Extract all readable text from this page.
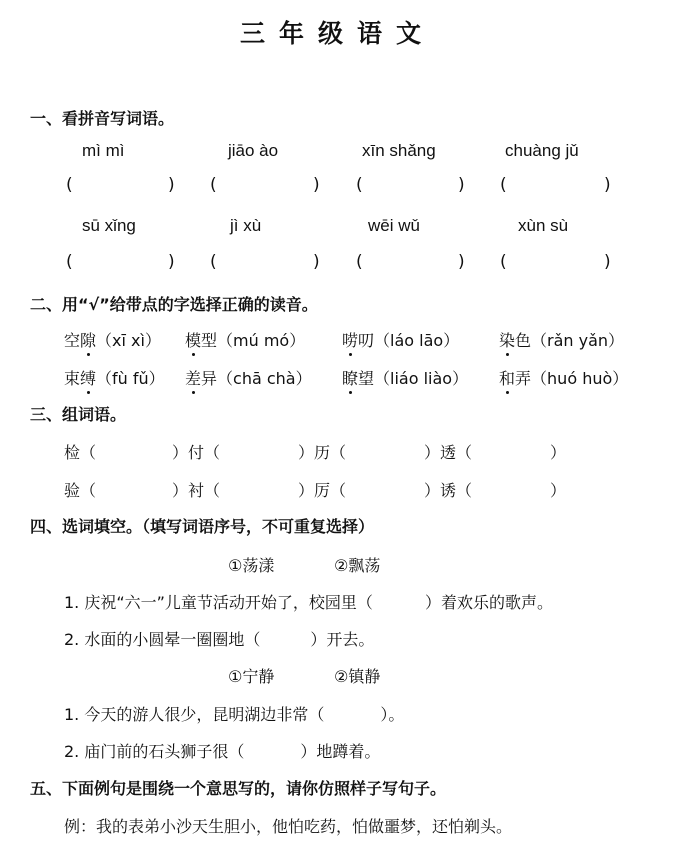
三年级语文
一、看拼音写词语。
mì mì	jiāo ào	xīn shǎng	chuàng jǔ
(	) (	) (	) (	)
sū xǐng	jì xù	wēi wǔ	xùn sù
(	) (	) (	) (	)
二、用“√”给带点的字选择正确的读音。
空隙（xī xì） 模型（mú mó） 唠叨（láo lāo） 染色（rǎn yǎn）
束缚（fù fǔ） 差异（chā chà） 瞭望（liáo liào） 和弄（huó huò）
三、组词语。
检（	）付（	）历（	）透（	）
验（	）衬（	）厉（	）诱（	）
四、选词填空。（填写词语序号，不可重复选择）
①荡漾	②飘荡
1. 庆祝“六一”儿童节活动开始了，校园里（	）着欢乐的歌声。
2. 水面的小圆晕一圈圈地（	）开去。
①宁静	②镇静
1. 今天的游人很少，昆明湖边非常（	）。
2. 庙门前的石头狮子很（	）地蹲着。
五、下面例句是围绕一个意思写的，请你仿照样子写句子。
例：我的表弟小沙天生胆小，他怕吃药，怕做噩梦，还怕剃头。
